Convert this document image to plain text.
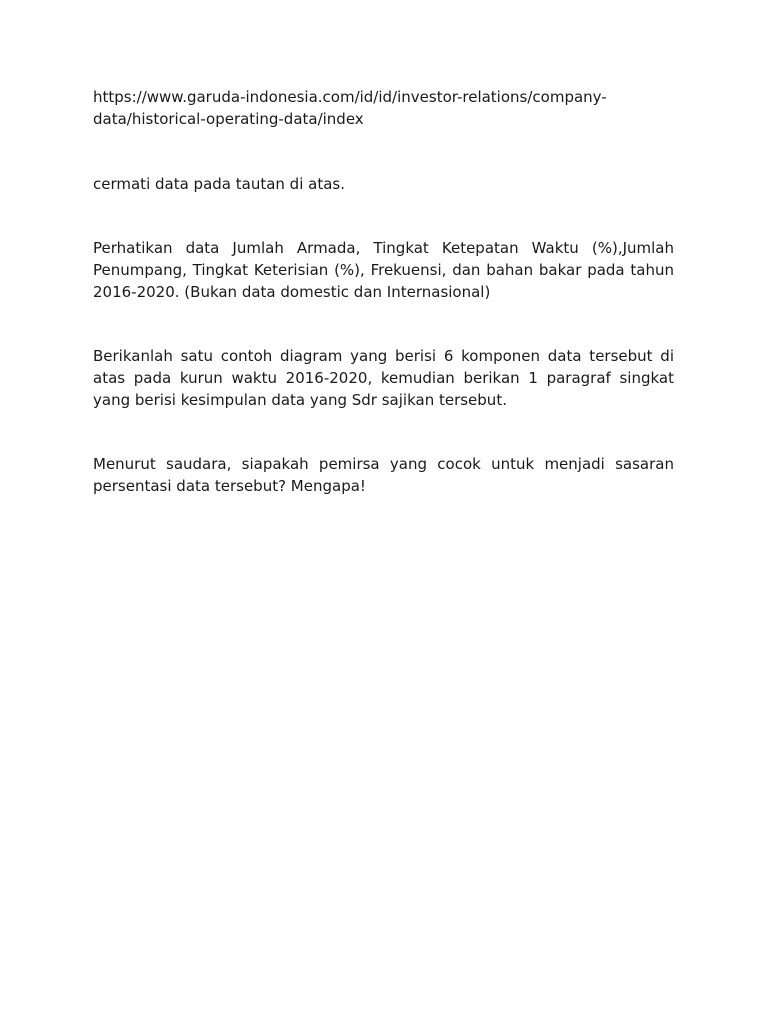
https://www.garuda-indonesia.com/id/id/investor-relations/company-
data/historical-operating-data/index

cermati data pada tautan di atas.

Perhatikan data Jumlah Armada, Tingkat Ketepatan Waktu (%),Jumlah Penumpang, Tingkat Keterisian (%), Frekuensi, dan bahan bakar pada tahun 2016-2020. (Bukan data domestic dan Internasional)

Berikanlah satu contoh diagram yang berisi 6 komponen data tersebut di atas pada kurun waktu 2016-2020, kemudian berikan 1 paragraf singkat yang berisi kesimpulan data yang Sdr sajikan tersebut.

Menurut saudara, siapakah pemirsa yang cocok untuk menjadi sasaran persentasi data tersebut? Mengapa!
